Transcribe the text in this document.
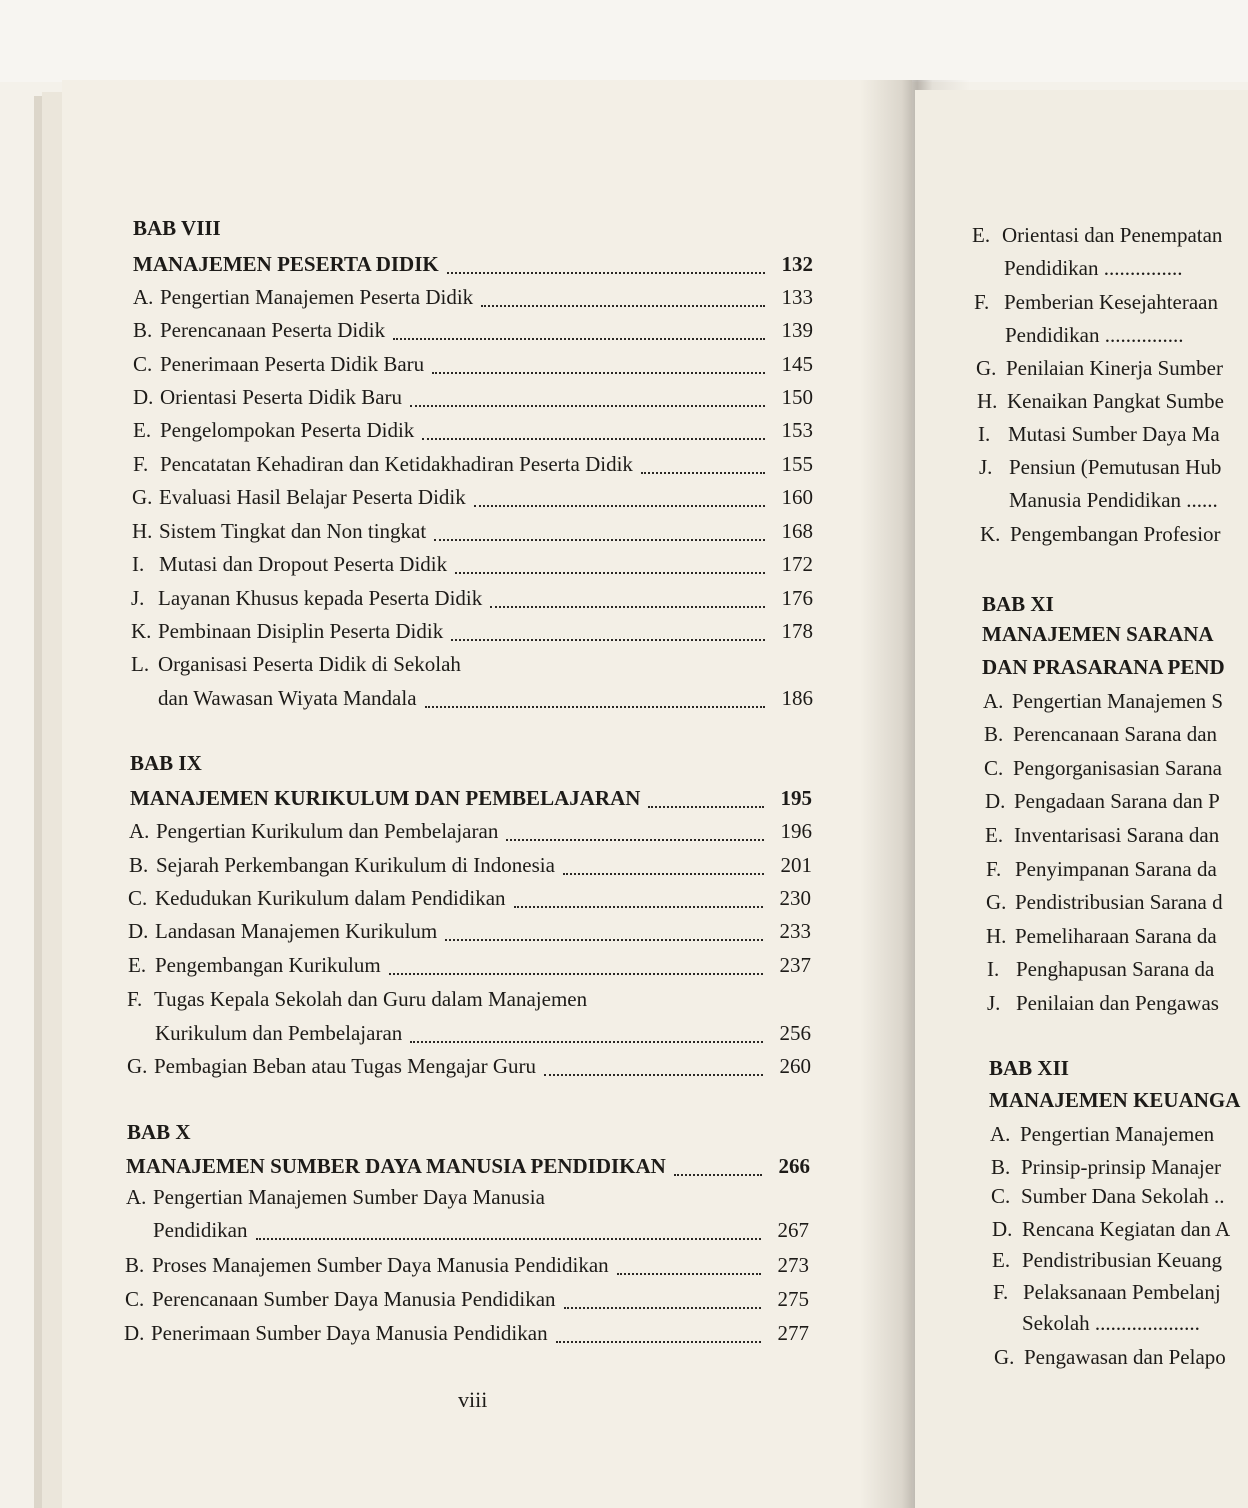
BAB VIII
MANAJEMEN PESERTA DIDIK	132
A. Pengertian Manajemen Peserta Didik	133
B. Perencanaan Peserta Didik	139
C. Penerimaan Peserta Didik Baru	145
D. Orientasi Peserta Didik Baru	150
E. Pengelompokan Peserta Didik	153
F. Pencatatan Kehadiran dan Ketidakhadiran Peserta Didik	155
G. Evaluasi Hasil Belajar Peserta Didik	160
H. Sistem Tingkat dan Non tingkat	168
I. Mutasi dan Dropout Peserta Didik	172
J. Layanan Khusus kepada Peserta Didik	176
K. Pembinaan Disiplin Peserta Didik	178
L. Organisasi Peserta Didik di Sekolah
dan Wawasan Wiyata Mandala	186
BAB IX
MANAJEMEN KURIKULUM DAN PEMBELAJARAN	195
A. Pengertian Kurikulum dan Pembelajaran	196
B. Sejarah Perkembangan Kurikulum di Indonesia	201
C. Kedudukan Kurikulum dalam Pendidikan	230
D. Landasan Manajemen Kurikulum	233
E. Pengembangan Kurikulum	237
F. Tugas Kepala Sekolah dan Guru dalam Manajemen
Kurikulum dan Pembelajaran	256
G. Pembagian Beban atau Tugas Mengajar Guru	260
BAB X
MANAJEMEN SUMBER DAYA MANUSIA PENDIDIKAN	266
A. Pengertian Manajemen Sumber Daya Manusia
Pendidikan	267
B. Proses Manajemen Sumber Daya Manusia Pendidikan	273
C. Perencanaan Sumber Daya Manusia Pendidikan	275
D. Penerimaan Sumber Daya Manusia Pendidikan	277
viii
E. Orientasi dan Penempatan
Pendidikan ...............
F. Pemberian Kesejahteraan
Pendidikan ...............
G. Penilaian Kinerja Sumber
H. Kenaikan Pangkat Sumbe
I. Mutasi Sumber Daya Ma
J. Pensiun (Pemutusan Hub
Manusia Pendidikan ......
K. Pengembangan Profesior
BAB XI
MANAJEMEN SARANA
DAN PRASARANA PEND
A. Pengertian Manajemen S
B. Perencanaan Sarana dan
C. Pengorganisasian Sarana
D. Pengadaan Sarana dan P
E. Inventarisasi Sarana dan
F. Penyimpanan Sarana da
G. Pendistribusian Sarana d
H. Pemeliharaan Sarana da
I. Penghapusan Sarana da
J. Penilaian dan Pengawas
BAB XII
MANAJEMEN KEUANGA
A. Pengertian Manajemen
B. Prinsip-prinsip Manajer
C. Sumber Dana Sekolah ..
D. Rencana Kegiatan dan A
E. Pendistribusian Keuang
F. Pelaksanaan Pembelanj
Sekolah ....................
G. Pengawasan dan Pelapo
